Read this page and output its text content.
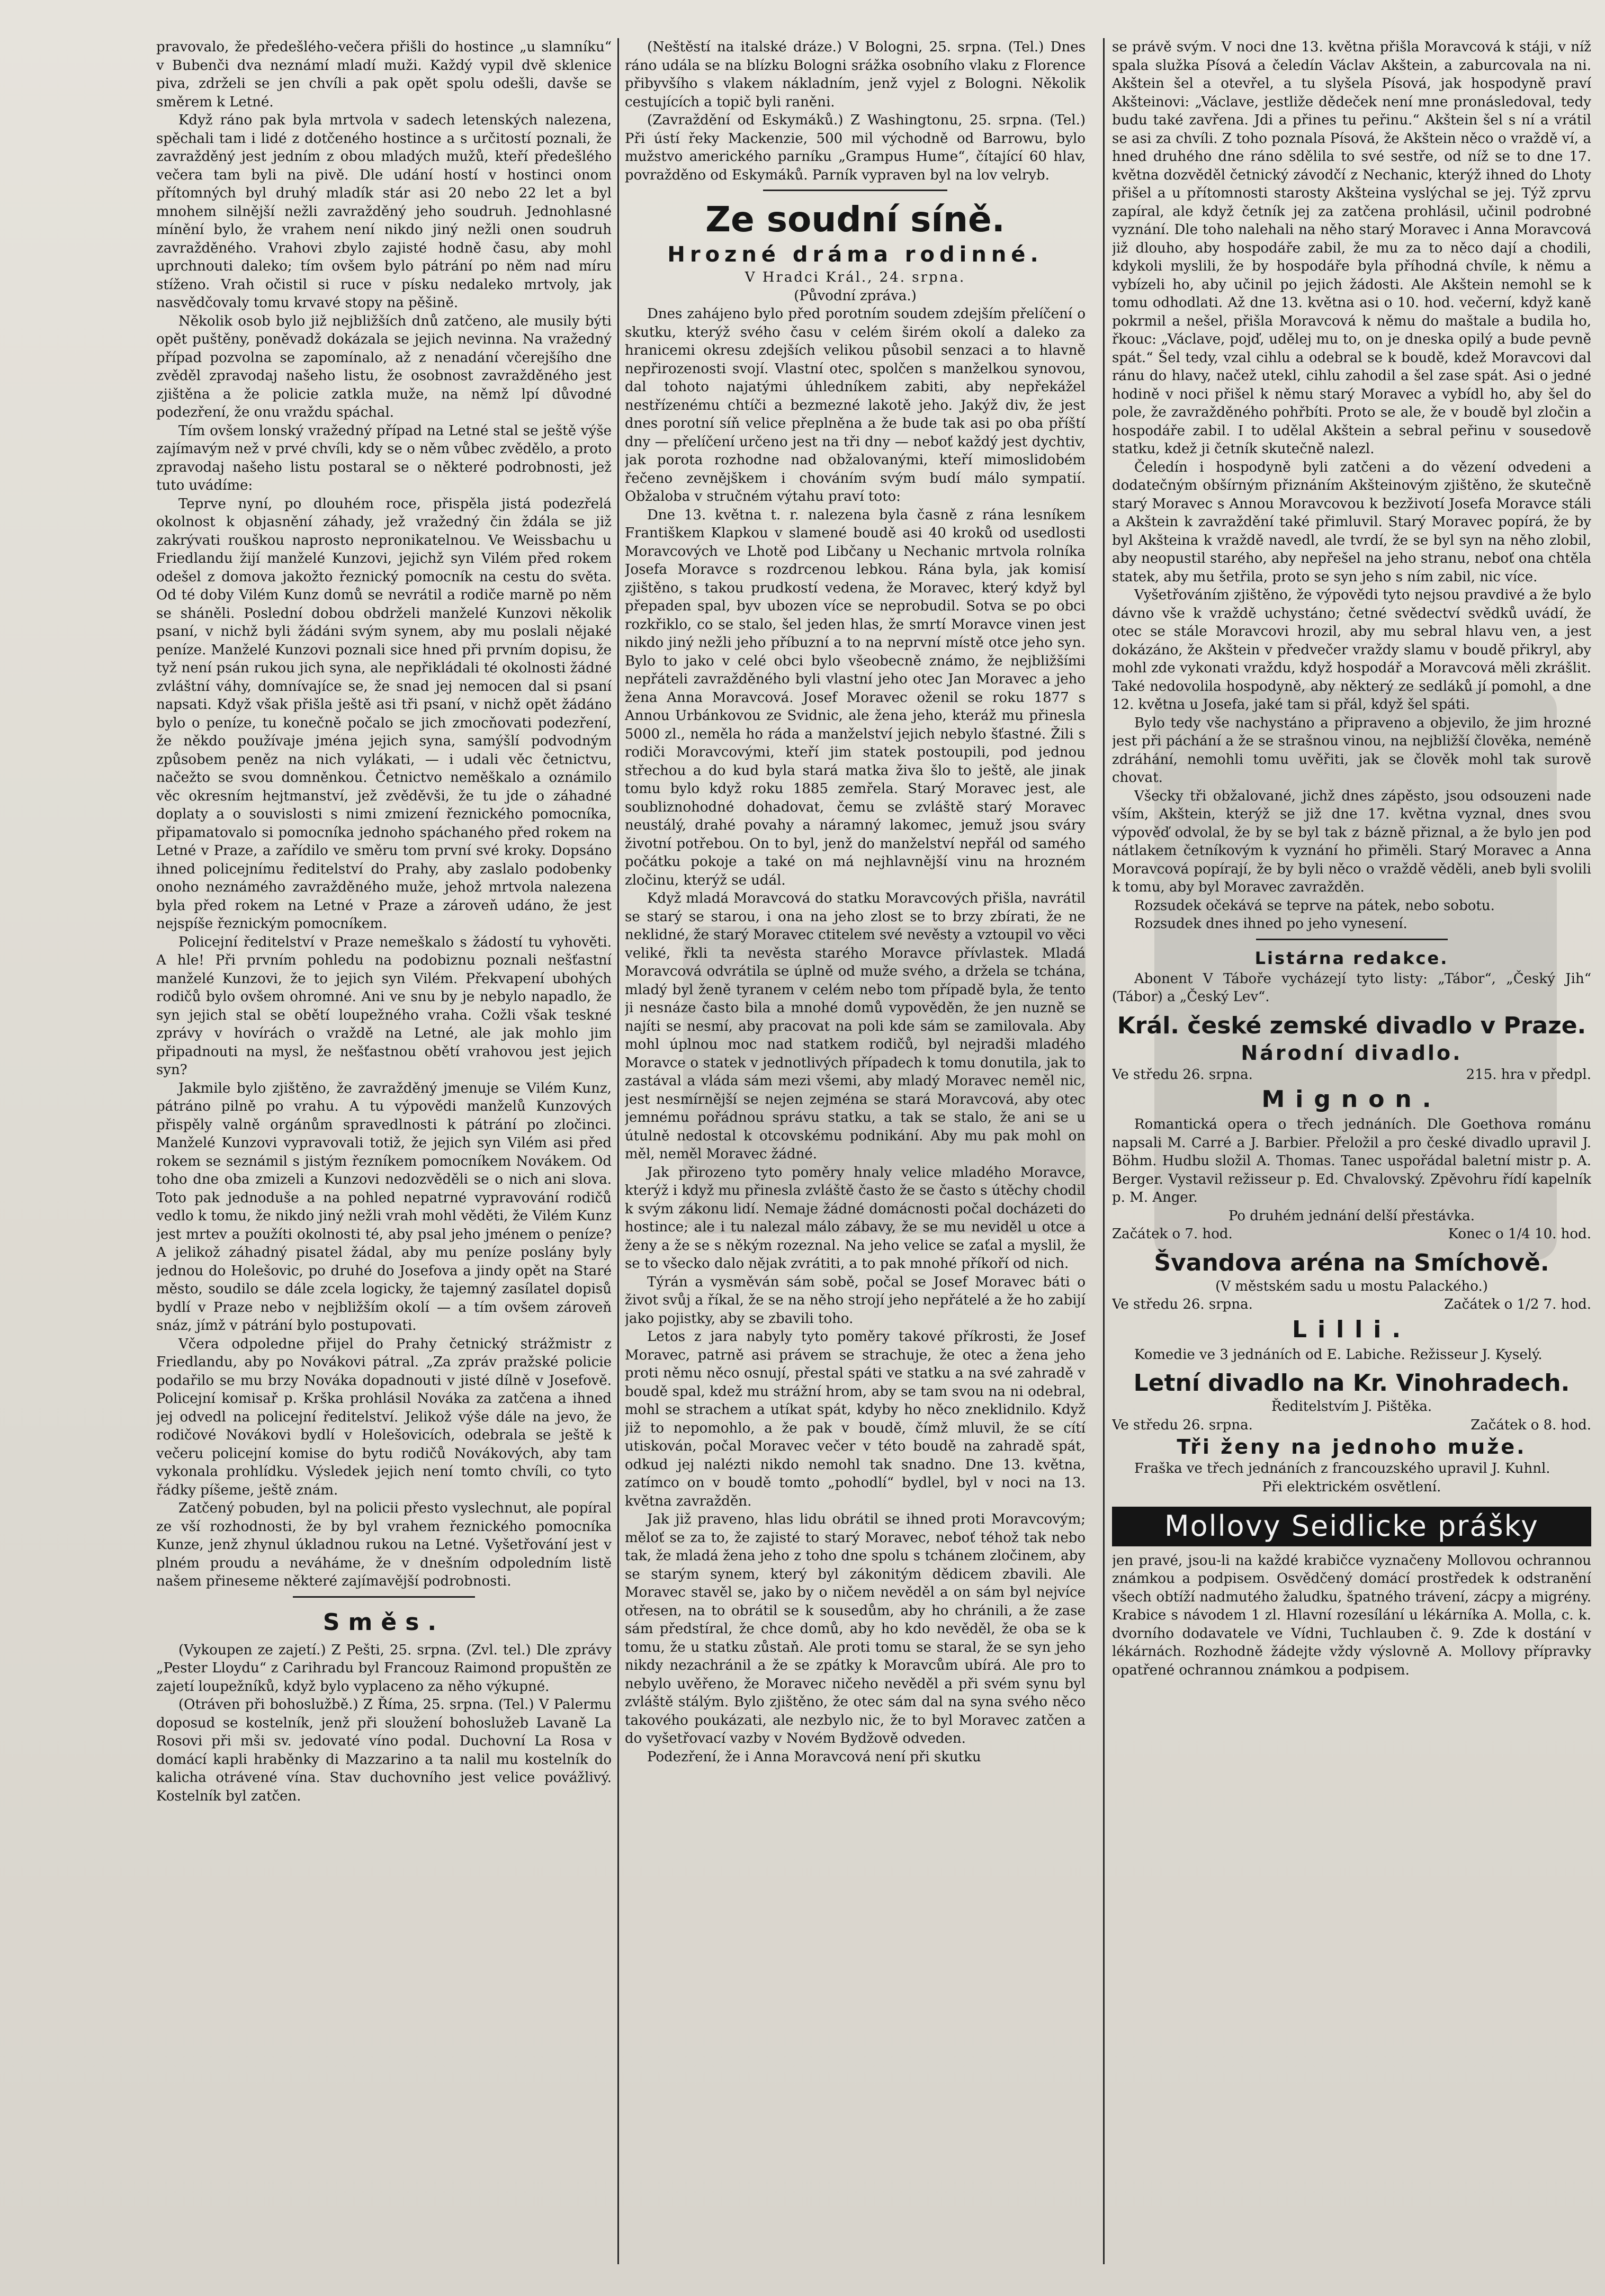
pravovalo, že předešlého-večera přišli do hostince „u slamníku“ v Bubenči dva neznámí mladí muži. Každý vypil dvě sklenice piva, zdrželi se jen chvíli a pak opět spolu odešli, davše se směrem k Letné.

Když ráno pak byla mrtvola v sadech letenských nalezena, spěchali tam i lidé z dotčeného hostince a s určitostí poznali, že zavražděný jest jedním z obou mladých mužů, kteří předešlého večera tam byli na pivě. Dle udání hostí v hostinci onom přítomných byl druhý mladík stár asi 20 nebo 22 let a byl mnohem silnější nežli zavražděný jeho soudruh. Jednohlasné mínění bylo, že vrahem není nikdo jiný nežli onen soudruh zavražděného. Vrahovi zbylo zajisté hodně času, aby mohl uprchnouti daleko; tím ovšem bylo pátrání po něm nad míru stíženo. Vrah očistil si ruce v písku nedaleko mrtvoly, jak nasvědčovaly tomu krvavé stopy na pěšině.

Několik osob bylo již nejbližších dnů zatčeno, ale musily býti opět puštěny, poněvadž dokázala se jejich nevinna. Na vražedný případ pozvolna se zapomínalo, až z nenadání včerejšího dne zvěděl zpravodaj našeho listu, že osobnost zavražděného jest zjištěna a že policie zatkla muže, na němž lpí důvodné podezření, že onu vraždu spáchal.

Tím ovšem lonský vražedný případ na Letné stal se ještě výše zajímavým než v prvé chvíli, kdy se o něm vůbec zvědělo, a proto zpravodaj našeho listu postaral se o některé podrobnosti, jež tuto uvádíme:

Teprve nyní, po dlouhém roce, přispěla jistá podezřelá okolnost k objasnění záhady, jež vražedný čin ždála se již zakrývati rouškou naprosto nepronikatelnou. Ve Weissbachu u Friedlandu žijí manželé Kunzovi, jejichž syn Vilém před rokem odešel z domova jakožto řeznický pomocník na cestu do světa. Od té doby Vilém Kunz domů se nevrátil a rodiče marně po něm se sháněli. Poslední dobou obdrželi manželé Kunzovi několik psaní, v nichž byli žádáni svým synem, aby mu poslali nějaké peníze. Manželé Kunzovi poznali sice hned při prvním dopisu, že tyž není psán rukou jich syna, ale nepřikládali té okolnosti žádné zvláštní váhy, domnívajíce se, že snad jej nemocen dal si psaní napsati. Když však přišla ještě asi tři psaní, v nichž opět žádáno bylo o peníze, tu konečně počalo se jich zmocňovati podezření, že někdo používaje jména jejich syna, samýšlí podvodným způsobem peněz na nich vylákati, — i udali věc četnictvu, načežto se svou domněnkou. Četnictvo neměškalo a oznámilo věc okresním hejtmanství, jež zvěděvši, že tu jde o záhadné doplaty a o souvislosti s nimi zmizení řeznického pomocníka, připamatovalo si pomocníka jednoho spáchaného před rokem na Letné v Praze, a zařídilo ve směru tom první své kroky. Dopsáno ihned policejnímu ředitelství do Prahy, aby zaslalo podobenky onoho neznámého zavražděného muže, jehož mrtvola nalezena byla před rokem na Letné v Praze a zároveň udáno, že jest nejspíše řeznickým pomocníkem.

Policejní ředitelství v Praze nemeškalo s žádostí tu vyhověti. A hle! Při prvním pohledu na podobiznu poznali nešťastní manželé Kunzovi, že to jejich syn Vilém. Překvapení ubohých rodičů bylo ovšem ohromné. Ani ve snu by je nebylo napadlo, že syn jejich stal se obětí loupežného vraha. Cožli však teskné zprávy v hovírách o vraždě na Letné, ale jak mohlo jim připadnouti na mysl, že nešťastnou obětí vrahovou jest jejich syn?

Jakmile bylo zjištěno, že zavražděný jmenuje se Vilém Kunz, pátráno pilně po vrahu. A tu výpovědi manželů Kunzových přispěly valně orgánům spravedlnosti k pátrání po zločinci. Manželé Kunzovi vypravovali totiž, že jejich syn Vilém asi před rokem se seznámil s jistým řezníkem pomocníkem Novákem. Od toho dne oba zmizeli a Kunzovi nedozvěděli se o nich ani slova. Toto pak jednoduše a na pohled nepatrné vypravování rodičů vedlo k tomu, že nikdo jiný nežli vrah mohl věděti, že Vilém Kunz jest mrtev a použíti okolnosti té, aby psal jeho jménem o peníze? A jelikož záhadný pisatel žádal, aby mu peníze poslány byly jednou do Holešovic, po druhé do Josefova a jindy opět na Staré město, soudilo se dále zcela logicky, že tajemný zasílatel dopisů bydlí v Praze nebo v nejbližším okolí — a tím ovšem zároveň snáz, jímž v pátrání bylo postupovati.

Včera odpoledne přijel do Prahy četnický strážmistr z Friedlandu, aby po Novákovi pátral. „Za zpráv pražské policie podařilo se mu brzy Nováka dopadnouti v jisté dílně v Josefově. Policejní komisař p. Krška prohlásil Nováka za zatčena a ihned jej odvedl na policejní ředitelství. Jelikož výše dále na jevo, že rodičové Novákovi bydlí v Holešovicích, odebrala se ještě k večeru policejní komise do bytu rodičů Novákových, aby tam vykonala prohlídku. Výsledek jejich není tomto chvíli, co tyto řádky píšeme, ještě znám.

Zatčený pobuden, byl na policii přesto vyslechnut, ale popíral ze vší rozhodnosti, že by byl vrahem řeznického pomocníka Kunze, jenž zhynul úkladnou rukou na Letné. Vyšetřování jest v plném proudu a neváháme, že v dnešním odpoledním listě našem přineseme některé zajímavější podrobnosti.

Směs.

(Vykoupen ze zajetí.) Z Pešti, 25. srpna. (Zvl. tel.) Dle zprávy „Pester Lloydu“ z Carihradu byl Francouz Raimond propuštěn ze zajetí loupežníků, když bylo vyplaceno za něho výkupné.

(Otráven při bohoslužbě.) Z Říma, 25. srpna. (Tel.) V Palermu doposud se kostelník, jenž při sloužení bohoslužeb Lavaně La Rosovi při mši sv. jedovaté víno podal. Duchovní La Rosa v domácí kapli hraběnky di Mazzarino a ta nalil mu kostelník do kalicha otrávené vína. Stav duchovního jest velice povážlivý. Kostelník byl zatčen.

(Neštěstí na italské dráze.) V Bologni, 25. srpna. (Tel.) Dnes ráno udála se na blízku Bologni srážka osobního vlaku z Florence přibyvšího s vlakem nákladním, jenž vyjel z Bologni. Několik cestujících a topič byli raněni.

(Zavraždění od Eskymáků.) Z Washingtonu, 25. srpna. (Tel.) Při ústí řeky Mackenzie, 500 mil východně od Barrowu, bylo mužstvo amerického parníku „Grampus Hume“, čítající 60 hlav, povražděno od Eskymáků. Parník vypraven byl na lov velryb.

Ze soudní síně.
Hrozné dráma rodinné.

V Hradci Král., 24. srpna.

(Původní zpráva.)

Dnes zahájeno bylo před porotním soudem zdejším přelíčení o skutku, kterýž svého času v celém širém okolí a daleko za hranicemi okresu zdejších velikou působil senzaci a to hlavně nepřirozenosti svojí. Vlastní otec, spolčen s manželkou synovou, dal tohoto najatými úhledníkem zabiti, aby nepřekážel nestřízenému chtíči a bezmezné lakotě jeho. Jakýž div, že jest dnes porotní síň velice přeplněna a že bude tak asi po oba příští dny — přelíčení určeno jest na tři dny — neboť každý jest dychtiv, jak porota rozhodne nad obžalovanými, kteří mimoslidobém řečeno zevnějškem i chováním svým budí málo sympatií. Obžaloba v stručném výtahu praví toto:

Dne 13. května t. r. nalezena byla časně z rána lesníkem Františkem Klapkou v slamené boudě asi 40 kroků od usedlosti Moravcových ve Lhotě pod Libčany u Nechanic mrtvola rolníka Josefa Moravce s rozdrcenou lebkou. Rána byla, jak komisí zjištěno, s takou prudkostí vedena, že Moravec, který když byl přepaden spal, byv ubozen více se neprobudil. Sotva se po obci rozkřiklo, co se stalo, šel jeden hlas, že smrtí Moravce vinen jest nikdo jiný nežli jeho příbuzní a to na neprvní místě otce jeho syn. Bylo to jako v celé obci bylo všeobecně známo, že nejbližšími nepřáteli zavražděného byli vlastní jeho otec Jan Moravec a jeho žena Anna Moravcová. Josef Moravec oženil se roku 1877 s Annou Urbánkovou ze Svidnic, ale žena jeho, kteráž mu přinesla 5000 zl., neměla ho ráda a manželství jejich nebylo šťastné. Žili s rodiči Moravcovými, kteří jim statek postoupili, pod jednou střechou a do kud byla stará matka živa šlo to ještě, ale jinak tomu bylo když roku 1885 zemřela. Starý Moravec jest, ale soubliznohodné dohadovat, čemu se zvláště starý Moravec neustálý, drahé povahy a náramný lakomec, jemuž jsou sváry životní potřebou. On to byl, jenž do manželství nepřál od samého počátku pokoje a také on má nejhlavnější vinu na hrozném zločinu, kterýž se udál.

Když mladá Moravcová do statku Moravcových přišla, navrátil se starý se starou, i ona na jeho zlost se to brzy zbírati, že ne neklidné, že starý Moravec ctitelem své nevěsty a vztoupil vo věci veliké, řkli ta nevěsta starého Moravce přívlastek. Mladá Moravcová odvrátila se úplně od muže svého, a držela se tchána, mladý byl ženě tyranem v celém nebo tom případě byla, že tento ji nesnáze často bila a mnohé domů vypověděn, že jen nuzně se najíti se nesmí, aby pracovat na poli kde sám se zamilovala. Aby mohl úplnou moc nad statkem rodičů, byl nejradši mladého Moravce o statek v jednotlivých případech k tomu donutila, jak to zastával a vláda sám mezi všemi, aby mladý Moravec neměl nic, jest nesmírnější se nejen zejména se stará Moravcová, aby otec jemnému pořádnou správu statku, a tak se stalo, že ani se u útulně nedostal k otcovskému podnikání. Aby mu pak mohl on měl, neměl Moravec žádné.

Jak přirozeno tyto poměry hnaly velice mladého Moravce, kterýž i když mu přinesla zvláště často že se často s útěchy chodil k svým zákonu lidí. Nemaje žádné domácnosti počal docházeti do hostince; ale i tu nalezal málo zábavy, že se mu neviděl u otce a ženy a že se s někým rozeznal. Na jeho velice se zaťal a myslil, že se to všecko dalo nějak zvrátiti, a to pak mnohé příkoří od nich.

Týrán a vysměván sám sobě, počal se Josef Moravec báti o život svůj a říkal, že se na něho strojí jeho nepřátelé a že ho zabijí jako pojistky, aby se zbavili toho.

Letos z jara nabyly tyto poměry takové příkrosti, že Josef Moravec, patrně asi právem se strachuje, že otec a žena jeho proti němu něco osnují, přestal spáti ve statku a na své zahradě v boudě spal, kdež mu strážní hrom, aby se tam svou na ni odebral, mohl se strachem a utíkat spát, kdyby ho něco zneklidnilo. Když již to nepomohlo, a že pak v boudě, čímž mluvil, že se cítí utiskován, počal Moravec večer v této boudě na zahradě spát, odkud jej nalézti nikdo nemohl tak snadno. Dne 13. května, zatímco on v boudě tomto „pohodlí“ bydlel, byl v noci na 13. května zavražděn.

Jak již praveno, hlas lidu obrátil se ihned proti Moravcovým; měloť se za to, že zajisté to starý Moravec, neboť téhož tak nebo tak, že mladá žena jeho z toho dne spolu s tchánem zločinem, aby se starým synem, který byl zákonitým dědicem zbavili. Ale Moravec stavěl se, jako by o ničem nevěděl a on sám byl nejvíce otřesen, na to obrátil se k sousedům, aby ho chránili, a že zase sám předstíral, že chce domů, aby ho kdo nevěděl, že oba se k tomu, že u statku zůstaň. Ale proti tomu se staral, že se syn jeho nikdy nezachránil a že se zpátky k Moravcům ubírá. Ale pro to nebylo uvěřeno, že Moravec ničeho nevěděl a při svém synu byl zvláště stálým. Bylo zjištěno, že otec sám dal na syna svého něco takového poukázati, ale nezbylo nic, že to byl Moravec zatčen a do vyšetřovací vazby v Novém Bydžově odveden.

Podezření, že i Anna Moravcová není při skutku

se právě svým. V noci dne 13. května přišla Moravcová k stáji, v níž spala služka Písová a čeledín Václav Akštein, a zaburcovala na ni. Akštein šel a otevřel, a tu slyšela Písová, jak hospodyně praví Akšteinovi: „Václave, jestliže dědeček není mne pronásledoval, tedy budu také zavřena. Jdi a přines tu peřinu.“ Akštein šel s ní a vrátil se asi za chvíli. Z toho poznala Písová, že Akštein něco o vraždě ví, a hned druhého dne ráno sdělila to své sestře, od níž se to dne 17. května dozvěděl četnický závodčí z Nechanic, kterýž ihned do Lhoty přišel a u přítomnosti starosty Akšteina vyslýchal se jej. Týž zprvu zapíral, ale když četník jej za zatčena prohlásil, učinil podrobné vyznání. Dle toho nalehali na něho starý Moravec i Anna Moravcová již dlouho, aby hospodáře zabil, že mu za to něco dají a chodili, kdykoli myslili, že by hospodáře byla příhodná chvíle, k němu a vybízeli ho, aby učinil po jejich žádosti. Ale Akštein nemohl se k tomu odhodlati. Až dne 13. května asi o 10. hod. večerní, když kaně pokrmil a nešel, přišla Moravcová k němu do maštale a budila ho, řkouc: „Václave, pojď, udělej mu to, on je dneska opilý a bude pevně spát.“ Šel tedy, vzal cihlu a odebral se k boudě, kdež Moravcovi dal ránu do hlavy, načež utekl, cihlu zahodil a šel zase spát. Asi o jedné hodině v noci přišel k němu starý Moravec a vybídl ho, aby šel do pole, že zavražděného pohřbíti. Proto se ale, že v boudě byl zločin a hospodáře zabil. I to udělal Akštein a sebral peřinu v sousedově statku, kdež ji četník skutečně nalezl.

Čeledín i hospodyně byli zatčeni a do vězení odvedeni a dodatečným obšírným přiznáním Akšteinovým zjištěno, že skutečně starý Moravec s Annou Moravcovou k bezživotí Josefa Moravce stáli a Akštein k zavraždění také přimluvil. Starý Moravec popírá, že by byl Akšteina k vraždě navedl, ale tvrdí, že se byl syn na něho zlobil, aby neopustil starého, aby nepřešel na jeho stranu, neboť ona chtěla statek, aby mu šetřila, proto se syn jeho s ním zabil, nic více.

Vyšetřováním zjištěno, že výpovědi tyto nejsou pravdivé a že bylo dávno vše k vraždě uchystáno; četné svědectví svědků uvádí, že otec se stále Moravcovi hrozil, aby mu sebral hlavu ven, a jest dokázáno, že Akštein v předvečer vraždy slamu v boudě přikryl, aby mohl zde vykonati vraždu, když hospodář a Moravcová měli zkrášlit. Také nedovolila hospodyně, aby některý ze sedláků jí pomohl, a dne 12. května u Josefa, jaké tam si přál, když šel spáti.

Bylo tedy vše nachystáno a připraveno a objevilo, že jim hrozné jest při páchání a že se strašnou vinou, na nejbližší člověka, neméně zdráhání, nemohli tomu uvěřiti, jak se člověk mohl tak surově chovat.

Všecky tři obžalované, jichž dnes zápěsto, jsou odsouzeni nade vším, Akštein, kterýž se již dne 17. května vyznal, dnes svou výpověď odvolal, že by se byl tak z bázně přiznal, a že bylo jen pod nátlakem četníkovým k vyznání ho přiměli. Starý Moravec a Anna Moravcová popírají, že by byli něco o vraždě věděli, aneb byli svolili k tomu, aby byl Moravec zavražděn.

Rozsudek očekává se teprve na pátek, nebo sobotu.

Rozsudek dnes ihned po jeho vynesení.

Listárna redakce.

Abonent V Táboře vycházejí tyto listy: „Tábor“, „Český Jih“ (Tábor) a „Český Lev“.

Král. české zemské divadlo v Praze.
Národní divadlo.
Ve středu 26. srpna.	215. hra v předpl.
Mignon.

Romantická opera o třech jednáních. Dle Goethova románu napsali M. Carré a J. Barbier. Přeložil a pro české divadlo upravil J. Böhm. Hudbu složil A. Thomas. Tanec uspořádal baletní mistr p. A. Berger. Vystavil režisseur p. Ed. Chvalovský. Zpěvohru řídí kapelník p. M. Anger.

Po druhém jednání delší přestávka.

Začátek o 7. hod.	Konec o 1/4 10. hod.
Švandova aréna na Smíchově.

(V městském sadu u mostu Palackého.)

Ve středu 26. srpna.	Začátek o 1/2 7. hod.
Lilli.

Komedie ve 3 jednáních od E. Labiche. Režisseur J. Kyselý.

Letní divadlo na Kr. Vinohradech.

Ředitelstvím J. Pištěka.

Ve středu 26. srpna.	Začátek o 8. hod.
Tři ženy na jednoho muže.

Fraška ve třech jednáních z francouzského upravil J. Kuhnl.

Při elektrickém osvětlení.

Mollovy Seidlicke prášky

jen pravé, jsou-li na každé krabičce vyznačeny Mollovou ochrannou známkou a podpisem. Osvědčený domácí prostředek k odstranění všech obtíží nadmutého žaludku, špatného trávení, zácpy a migrény. Krabice s návodem 1 zl. Hlavní rozesílání u lékárníka A. Molla, c. k. dvorního dodavatele ve Vídni, Tuchlauben č. 9. Zde k dostání v lékárnách. Rozhodně žádejte vždy výslovně A. Mollovy přípravky opatřené ochrannou známkou a podpisem.
